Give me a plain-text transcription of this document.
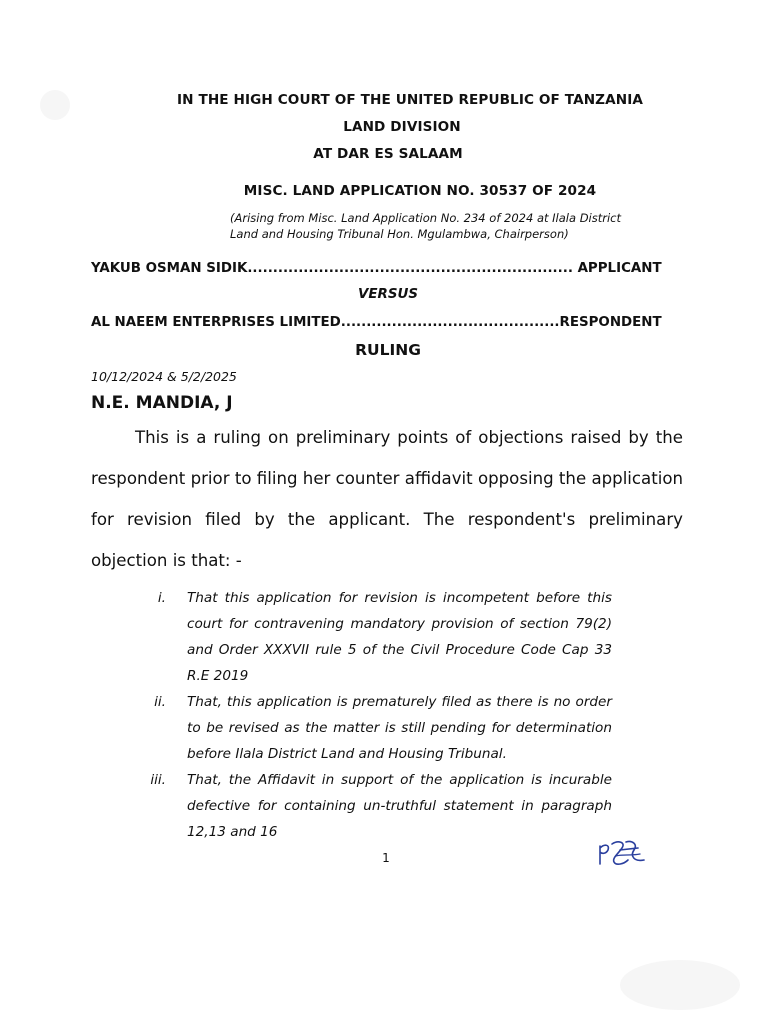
IN THE HIGH COURT OF THE UNITED REPUBLIC OF TANZANIA
LAND DIVISION
AT DAR ES SALAAM
MISC. LAND APPLICATION NO. 30537 OF 2024
(Arising from Misc. Land Application No. 234 of 2024 at Ilala District
Land and Housing Tribunal Hon. Mgulambwa, Chairperson)
YAKUB OSMAN SIDIK................................................................ APPLICANT
VERSUS
AL NAEEM ENTERPRISES LIMITED...........................................RESPONDENT
RULING
10/12/2024 & 5/2/2025
N.E. MANDIA, J
This is a ruling on preliminary points of objections raised by the respondent prior to filing her counter affidavit opposing the application for revision filed by the applicant. The respondent's preliminary objection is that: -
i. That this application for revision is incompetent before this court for contravening mandatory provision of section 79(2) and Order XXXVII rule 5 of the Civil Procedure Code Cap 33 R.E 2019
ii. That, this application is prematurely filed as there is no order to be revised as the matter is still pending for determination before Ilala District Land and Housing Tribunal.
iii. That, the Affidavit in support of the application is incurable defective for containing un-truthful statement in paragraph 12,13 and 16
1
